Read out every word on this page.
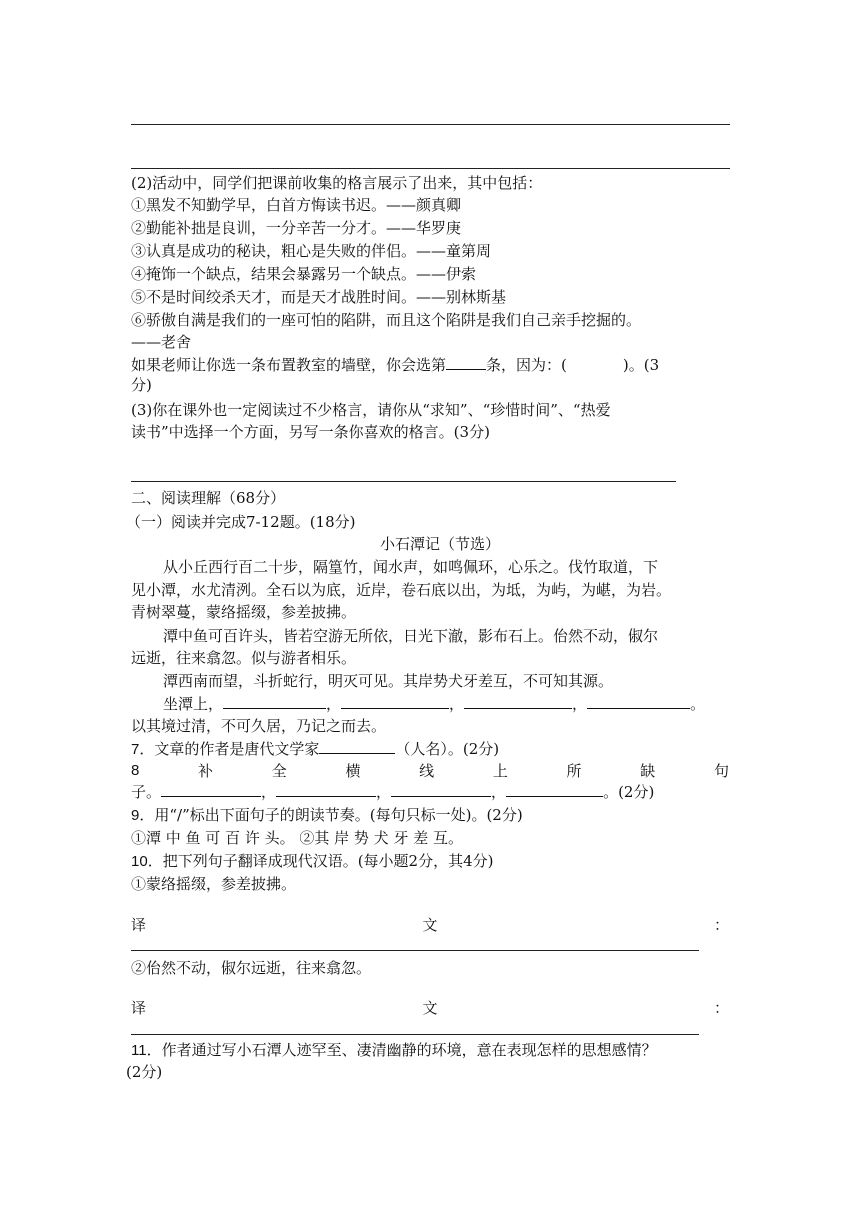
(2)活动中，同学们把课前收集的格言展示了出来，其中包括：
①黑发不知勤学早，白首方悔读书迟。——颜真卿
②勤能补拙是良训，一分辛苦一分才。——华罗庚
③认真是成功的秘诀，粗心是失败的伴侣。——童第周
④掩饰一个缺点，结果会暴露另一个缺点。——伊索
⑤不是时间绞杀天才，而是天才战胜时间。——别林斯基
⑥骄傲自满是我们的一座可怕的陷阱，而且这个陷阱是我们自己亲手挖掘的。
——老舍
如果老师让你选一条布置教室的墙壁，你会选第	条，因为：(	)。(3
分)
(3)你在课外也一定阅读过不少格言，请你从“求知”、“珍惜时间”、“热爱
读书”中选择一个方面，另写一条你喜欢的格言。(3分)
二、阅读理解（68分）
（一）阅读并完成7-12题。(18分)
小石潭记（节选）
从小丘西行百二十步，隔篁竹，闻水声，如鸣佩环，心乐之。伐竹取道，下
见小潭，水尤清洌。全石以为底，近岸，卷石底以出，为坻，为屿，为嵁，为岩。
青树翠蔓，蒙络摇缀，参差披拂。
潭中鱼可百许头，皆若空游无所依，日光下澈，影布石上。佁然不动，俶尔
远逝，往来翕忽。似与游者相乐。
潭西南而望，斗折蛇行，明灭可见。其岸势犬牙差互，不可知其源。
坐潭上，	，	，	，	。
以其境过清，不可久居，乃记之而去。
7．文章的作者是唐代文学家	（人名）。(2分)
8	补	全	横	线	上	所	缺	句
子。	，	，	，	。(2分)
9．用“/”标出下面句子的朗读节奏。(每句只标一处)。(2分)
①潭 中 鱼 可 百 许 头。 ②其 岸 势 犬 牙 差 互。
10．把下列句子翻译成现代汉语。(每小题2分，其4分)
①蒙络摇缀，参差披拂。
译	文	：
②佁然不动，俶尔远逝，往来翕忽。
译	文	：
11．作者通过写小石潭人迹罕至、凄清幽静的环境，意在表现怎样的思想感情？
(2分)
